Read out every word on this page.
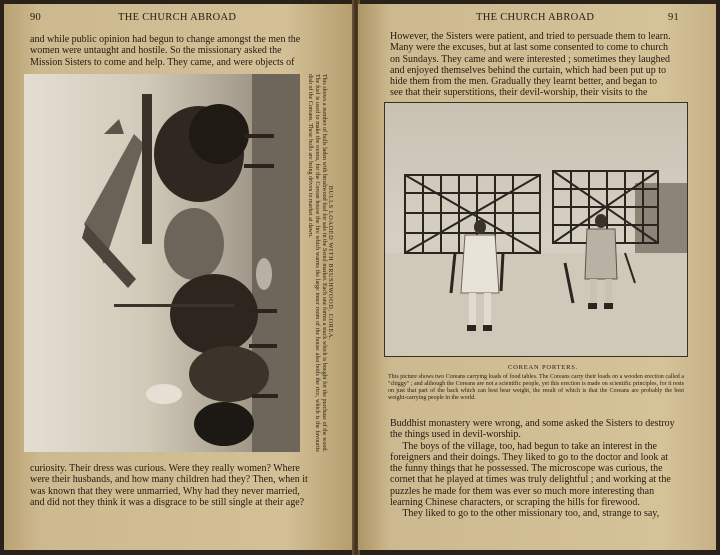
90	THE CHURCH ABROAD
and while public opinion had begun to change amongst the men the
women were untaught and hostile. So the missionary asked the
Mission Sisters to come and help. They came, and were objects of
BULLS LOADED WITH BRUSHWOOD, COREA.
This shows a number of bulls laden with brushwood fuel for sale in the Seoul market. Each one forms a stack which is bought for the purchase of the wood. The fuel is used to make the rooms, for the Corean house the fire which warms the large inner room of the house also boils the rice, which is the favourite dish of the Coreans. These bulls are being driven to market at dawn.
curiosity. Their dress was curious. Were they really women? Where
were their husbands, and how many children had they? Then, when it
was known that they were unmarried, Why had they never married,
and did not they think it was a disgrace to be still single at their age?
THE CHURCH ABROAD	91
However, the Sisters were patient, and tried to persuade them to learn.
Many were the excuses, but at last some consented to come to church
on Sundays. They came and were interested ; sometimes they laughed
and enjoyed themselves behind the curtain, which had been put up to
hide them from the men. Gradually they learnt better, and began to
see that their superstitions, their devil-worship, their visits to the
COREAN PORTERS.
This picture shows two Coreans carrying loads of food tables. The Coreans carry their loads on a wooden erection called a "chiggy" ; and although the Coreans are not a scientific people, yet this erection is made on scientific principles, for it rests on just that part of the back which can best bear weight, the result of which is that the Coreans are probably the best weight-carrying people in the world.
Buddhist monastery were wrong, and some asked the Sisters to destroy
the things used in devil-worship.
The boys of the village, too, had begun to take an interest in the
foreigners and their doings. They liked to go to the doctor and look at
the funny things that he possessed. The microscope was curious, the
cornet that he played at times was truly delightful ; and working at the
puzzles he made for them was ever so much more interesting than
learning Chinese characters, or scraping the hills for firewood.
They liked to go to the other missionary too, and, strange to say,
